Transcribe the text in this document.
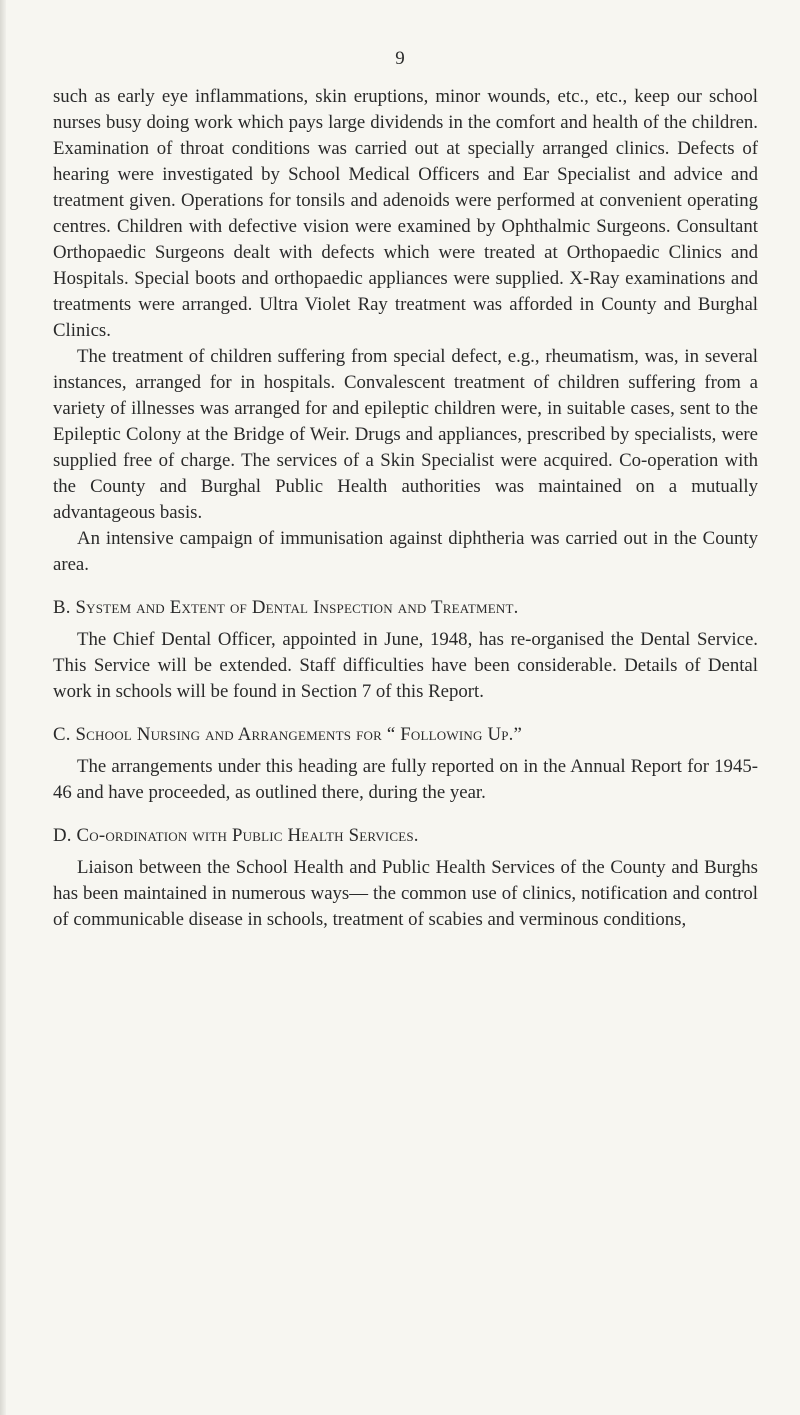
9

such as early eye inflammations, skin eruptions, minor wounds, etc., etc., keep our school nurses busy doing work which pays large dividends in the comfort and health of the children. Examination of throat conditions was carried out at specially arranged clinics. Defects of hearing were investigated by School Medical Officers and Ear Specialist and advice and treatment given. Operations for tonsils and adenoids were performed at convenient operating centres. Children with defective vision were examined by Ophthalmic Surgeons. Consultant Orthopaedic Surgeons dealt with defects which were treated at Orthopaedic Clinics and Hospitals. Special boots and orthopaedic appliances were supplied. X-Ray examinations and treatments were arranged. Ultra Violet Ray treatment was afforded in County and Burghal Clinics.

The treatment of children suffering from special defect, e.g., rheumatism, was, in several instances, arranged for in hospitals. Convalescent treatment of children suffering from a variety of illnesses was arranged for and epileptic children were, in suitable cases, sent to the Epileptic Colony at the Bridge of Weir. Drugs and appliances, prescribed by specialists, were supplied free of charge. The services of a Skin Specialist were acquired. Co-operation with the County and Burghal Public Health authorities was maintained on a mutually advantageous basis.

An intensive campaign of immunisation against diphtheria was carried out in the County area.

B. System and Extent of Dental Inspection and Treatment.

The Chief Dental Officer, appointed in June, 1948, has re-organised the Dental Service. This Service will be extended. Staff difficulties have been considerable. Details of Dental work in schools will be found in Section 7 of this Report.

C. School Nursing and Arrangements for “ Following Up.”

The arrangements under this heading are fully reported on in the Annual Report for 1945-46 and have proceeded, as outlined there, during the year.

D. Co-ordination with Public Health Services.

Liaison between the School Health and Public Health Services of the County and Burghs has been maintained in numerous ways— the common use of clinics, notification and control of communicable disease in schools, treatment of scabies and verminous conditions,
